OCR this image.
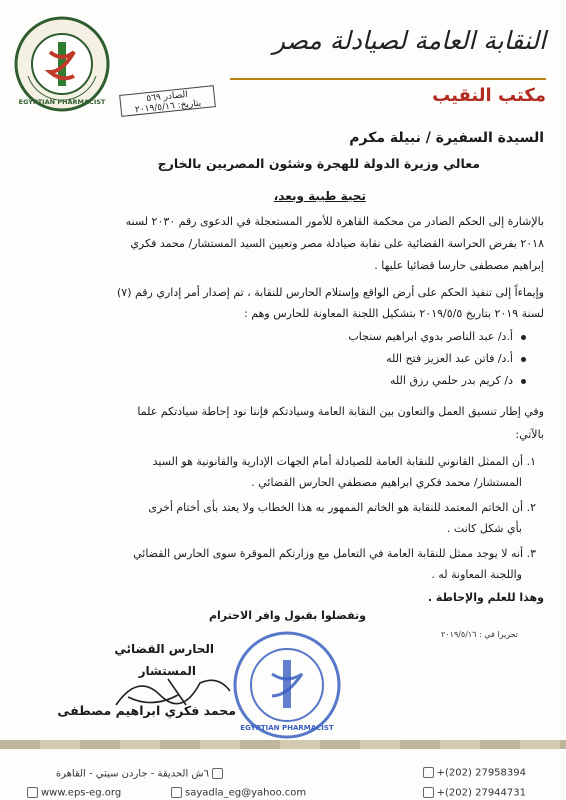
EGYPTIAN PHARMACIST	الصادر ٥٦٩
بتاريخ: ٢٠١٩/٥/١٦
النقابة العامة لصيادلة مصر
مكتب النقيب
السيدة السفيرة / نبيلة مكرم
معالي وزيرة الدولة للهجرة وشئون المصريين بالخارج
تحية طيبة وبعد،
بالإشارة إلى الحكم الصادر من محكمة القاهرة للأمور المستعجلة في الدعوى رقم ٢٠٣٠ لسنه
٢٠١٨ بفرض الحراسة القضائية على نقابة صيادلة مصر وتعيين السيد المستشار/ محمد فكري
إبراهيم مصطفى حارسا قضائيا عليها .
وإيماءاً إلى تنفيذ الحكم على أرض الواقع وإستلام الحارس للنقابة ، تم إصدار أمر إداري رقم (٧)
لسنة ٢٠١٩ بتاريخ ٢٠١٩/٥/٥ بتشكيل اللجنة المعاونة للحارس وهم :
أ.د/ عبد الناصر بدوي ابراهيم سنجاب
أ.د/ فاتن عبد العزيز فتح الله
د/ كريم بدر حلمي رزق الله
وفي إطار تنسيق العمل والتعاون بين النقابة العامة وسيادتكم فإننا نود إحاطة سيادتكم علما
بالآتي:
١. أن الممثل القانوني للنقابة العامة للصيادلة أمام الجهات الإدارية والقانونية هو السيد
المستشار/ محمد فكري ابراهيم مصطفي الحارس القضائي .
٢. أن الخاتم المعتمد للنقابة هو الخاتم الممهور به هذا الخطاب ولا يعتد بأى أختام أخرى
بأي شكل كانت .
٣. أنه لا يوجد ممثل للنقابة العامة في التعامل مع وزارتكم الموقرة سوى الحارس القضائي
واللجنة المعاونة له .
وهذا للعلم والإحاطة .
وتفضلوا بقبول وافر الاحترام
تحريرا في : ٢٠١٩/٥/١٦
الحارس القضائي
المستشار
محمد فكري ابراهيم مصطفى
EGYPTIAN PHARMACIST
٦ش الحديقة - جاردن سيتي - القاهرة	+(202) 27958394
+(202) 27944731
www.eps-eg.org	sayadla_eg@yahoo.com
